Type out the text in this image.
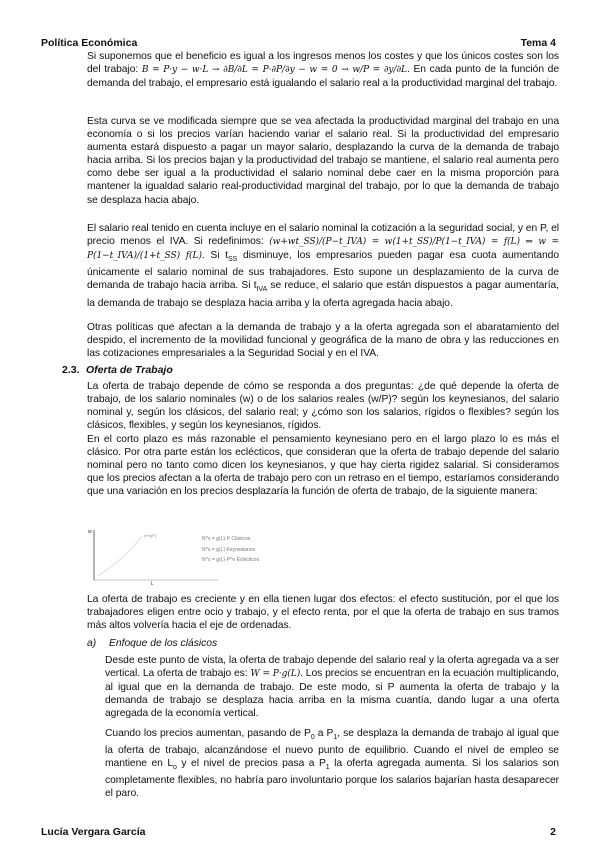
Política Económica	Tema 4
Si suponemos que el beneficio es igual a los ingresos menos los costes y que los únicos costes son los del trabajo: B = P·y − w·L → ∂B/∂L = P·∂P/∂y − w = 0 → w/P = ∂y/∂L. En cada punto de la función de demanda del trabajo, el empresario está igualando el salario real a la productividad marginal del trabajo.
Esta curva se ve modificada siempre que se vea afectada la productividad marginal del trabajo en una economía o si los precios varían haciendo variar el salario real. Si la productividad del empresario aumenta estará dispuesto a pagar un mayor salario, desplazando la curva de la demanda de trabajo hacia arriba. Si los precios bajan y la productividad del trabajo se mantiene, el salario real aumenta pero como debe ser igual a la productividad el salario nominal debe caer en la misma proporción para mantener la igualdad salario real-productividad marginal del trabajo, por lo que la demanda de trabajo se desplaza hacia abajo.
El salario real tenido en cuenta incluye en el salario nominal la cotización a la seguridad social, y en P, el precio menos el IVA. Si redefinimos: (w+wt_SS)/(P−t_IVA) = w(1+t_SS)/P(1−t_IVA) = f(L) ⇒ w = P(1−t_IVA)/(1+t_SS) f(L). Si $t_{SS}$ disminuye, los empresarios pueden pagar esa cuota aumentando únicamente el salario nominal de sus trabajadores. Esto supone un desplazamiento de la curva de demanda de trabajo hacia arriba. Si $t_{IVA}$ se reduce, el salario que están dispuestos a pagar aumentaría, la demanda de trabajo se desplaza hacia arriba y la oferta agregada hacia abajo.
Otras políticas que afectan a la demanda de trabajo y a la oferta agregada son el abaratamiento del despido, el incremento de la movilidad funcional y geográfica de la mano de obra y las reducciones en las cotizaciones empresariales a la Seguridad Social y en el IVA.
2.3. Oferta de Trabajo
La oferta de trabajo depende de cómo se responda a dos preguntas: ¿de qué depende la oferta de trabajo, de los salario nominales (w) o de los salarios reales (w/P)? según los keynesianos, del salario nominal y, según los clásicos, del salario real; y ¿cómo son los salarios, rígidos o flexibles? según los clásicos, flexibles, y según los keynesianos, rígidos.
En el corto plazo es más razonable el pensamiento keynesiano pero en el largo plazo lo es más el clásico. Por otra parte están los eclécticos, que consideran que la oferta de trabajo depende del salario nominal pero no tanto como dicen los keynesianos, y que hay cierta rigidez salarial. Si consideramos que los precios afectan a la oferta de trabajo pero con un retraso en el tiempo, estaríamos considerando que una variación en los precios desplazaría la función de oferta de trabajo, de la siguiente manera:
w
N^s(P)
L
N^s = g(L)·P Clásicos
N^s = g(L) Keynesianos
N^s = g(L)·P^e Eclécticos
La oferta de trabajo es creciente y en ella tienen lugar dos efectos: el efecto sustitución, por el que los trabajadores eligen entre ocio y trabajo, y el efecto renta, por el que la oferta de trabajo en sus tramos más altos volvería hacia el eje de ordenadas.
a) Enfoque de los clásicos
Desde este punto de vista, la oferta de trabajo depende del salario real y la oferta agregada va a ser vertical. La oferta de trabajo es: W = P·g(L). Los precios se encuentran en la ecuación multiplicando, al igual que en la demanda de trabajo. De este modo, si P aumenta la oferta de trabajo y la demanda de trabajo se desplaza hacia arriba en la misma cuantía, dando lugar a una oferta agregada de la economía vertical.
Cuando los precios aumentan, pasando de $P_0$ a $P_1$, se desplaza la demanda de trabajo al igual que la oferta de trabajo, alcanzándose el nuevo punto de equilibrio. Cuando el nivel de empleo se mantiene en $L_o$ y el nivel de precios pasa a $P_1$ la oferta agregada aumenta. Si los salarios son completamente flexibles, no habría paro involuntario porque los salarios bajarían hasta desaparecer el paro.
Lucía Vergara García	2
